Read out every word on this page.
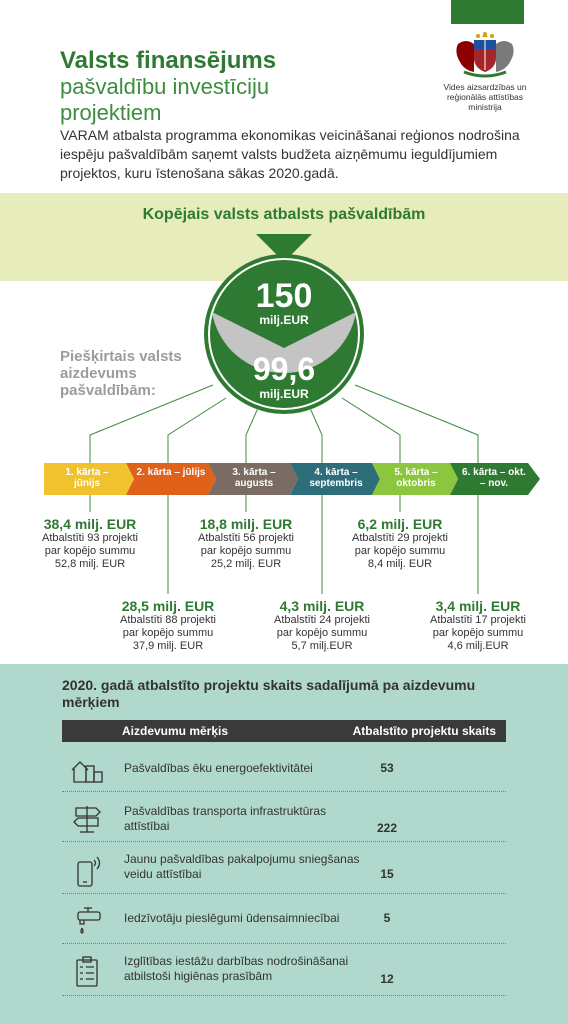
Valsts finansējums
pašvaldību investīciju
projektiem
Vides aizsardzības un
reģionālās attīstības
ministrija
VARAM atbalsta programma ekonomikas veicināšanai reģionos nodrošina iespēju pašvaldībām saņemt valsts budžeta aizņēmumu ieguldījumiem projektos, kuru īstenošana sākas 2020.gadā.
Kopējais valsts atbalsts pašvaldībām
Piešķirtais valsts aizdevums pašvaldībām:
150
milj.EUR
99,6
milj.EUR
1. kārta – jūnijs
2. kārta – jūlijs	3. kārta – augusts
4. kārta – septembris
5. kārta – oktobris
6. kārta – okt. – nov.
38,4 milj. EUR
Atbalstīti 93 projekti
par kopējo summu
52,8 milj. EUR
28,5 milj. EUR
Atbalstīti 88 projekti
par kopējo summu
37,9 milj. EUR
18,8 milj. EUR
Atbalstīti 56 projekti
par kopējo summu
25,2 milj. EUR
4,3 milj. EUR
Atbalstīti 24 projekti
par kopējo summu
5,7 milj.EUR
6,2 milj. EUR
Atbalstīti 29 projekti
par kopējo summu
8,4 milj. EUR
3,4 milj. EUR
Atbalstīti 17 projekti
par kopējo summu
4,6 milj.EUR
2020. gadā atbalstīto projektu skaits sadalījumā pa aizdevumu mērķiem
Aizdevumu mērķis	Atbalstīto projektu skaits
Pašvaldības ēku energoefektivitātei	53
Pašvaldības transporta infrastruktūras attīstībai	222
Jaunu pašvaldības pakalpojumu sniegšanas veidu attīstībai	15
Iedzīvotāju pieslēgumi ūdensaimniecībai	5
Izglītības iestāžu darbības nodrošināšanai atbilstoši higiēnas prasībām	12
